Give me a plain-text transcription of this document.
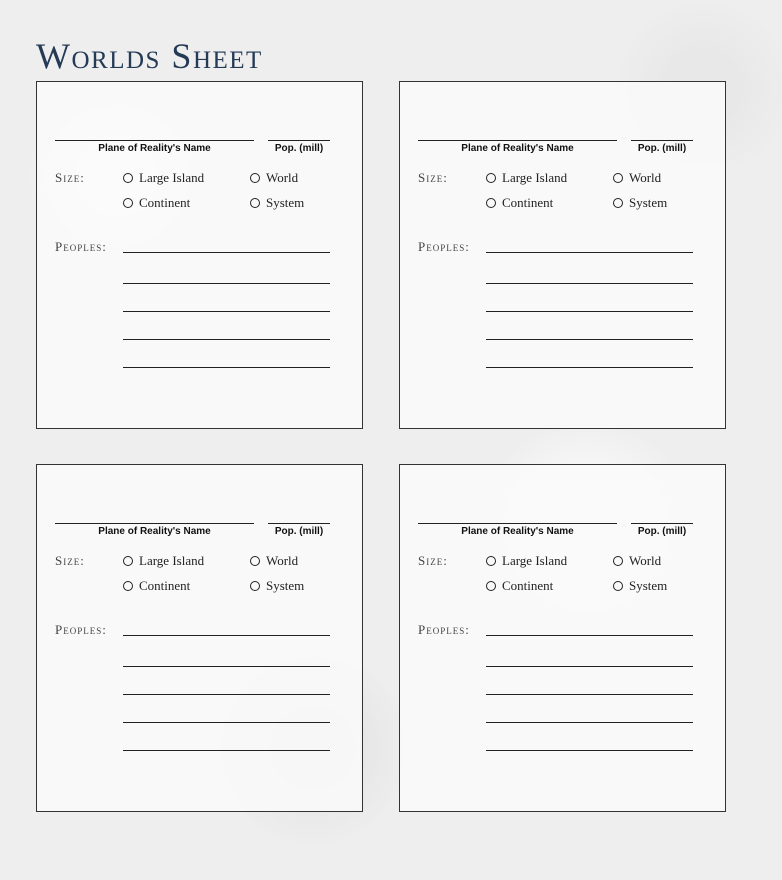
Worlds Sheet
Plane of Reality's Name	Pop. (mill)
Size:	Large Island	World
Continent	System
Peoples:
Plane of Reality's Name	Pop. (mill)
Size:	Large Island	World
Continent	System
Peoples:
Plane of Reality's Name	Pop. (mill)
Size:	Large Island	World
Continent	System
Peoples:
Plane of Reality's Name	Pop. (mill)
Size:	Large Island	World
Continent	System
Peoples:
